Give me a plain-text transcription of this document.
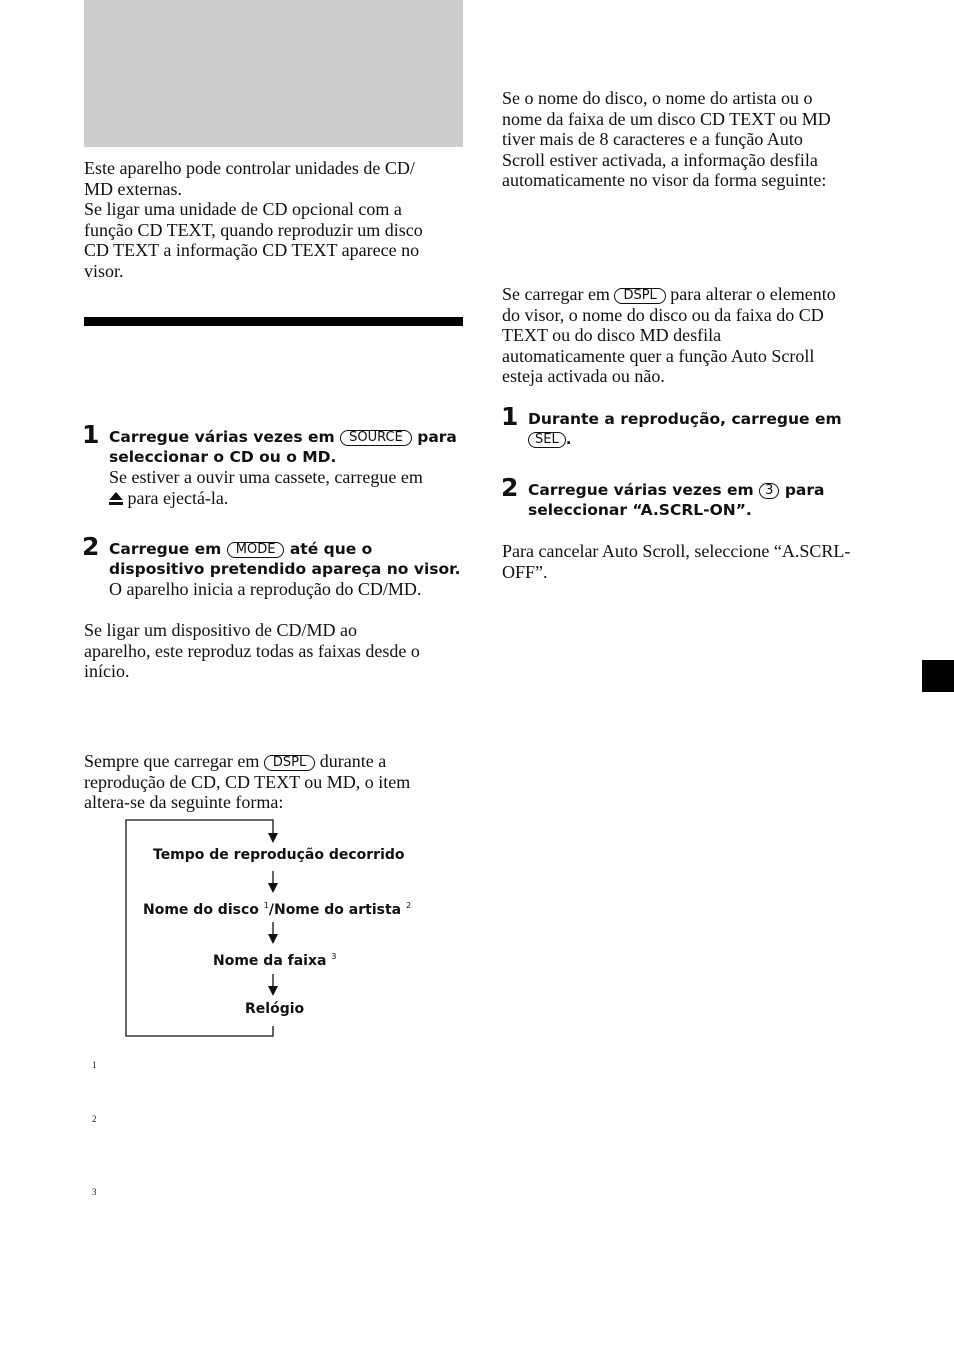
Este aparelho pode controlar unidades de CD/
MD externas.
Se ligar uma unidade de CD opcional com a
função CD TEXT, quando reproduzir um disco
CD TEXT a informação CD TEXT aparece no
visor.
1 Carregue várias vezes em SOURCE para
seleccionar o CD ou o MD.
Se estiver a ouvir uma cassete, carregue em
para ejectá-la.
2 Carregue em MODE até que o
dispositivo pretendido apareça no visor.
O aparelho inicia a reprodução do CD/MD.
Se ligar um dispositivo de CD/MD ao
aparelho, este reproduz todas as faixas desde o
início.
Sempre que carregar em DSPL durante a
reprodução de CD, CD TEXT ou MD, o item
altera-se da seguinte forma:
Tempo de reprodução decorrido
Nome do disco $^1$/Nome do artista $^2$
Nome da faixa $^3$
Relógio
1
2
3
Se o nome do disco, o nome do artista ou o
nome da faixa de um disco CD TEXT ou MD
tiver mais de 8 caracteres e a função Auto
Scroll estiver activada, a informação desfila
automaticamente no visor da forma seguinte:
Se carregar em DSPL para alterar o elemento
do visor, o nome do disco ou da faixa do CD
TEXT ou do disco MD desfila
automaticamente quer a função Auto Scroll
esteja activada ou não.
1 Durante a reprodução, carregue em
SEL .
2 Carregue várias vezes em 3 para
seleccionar “A.SCRL-ON”.
Para cancelar Auto Scroll, seleccione “A.SCRL-
OFF”.
